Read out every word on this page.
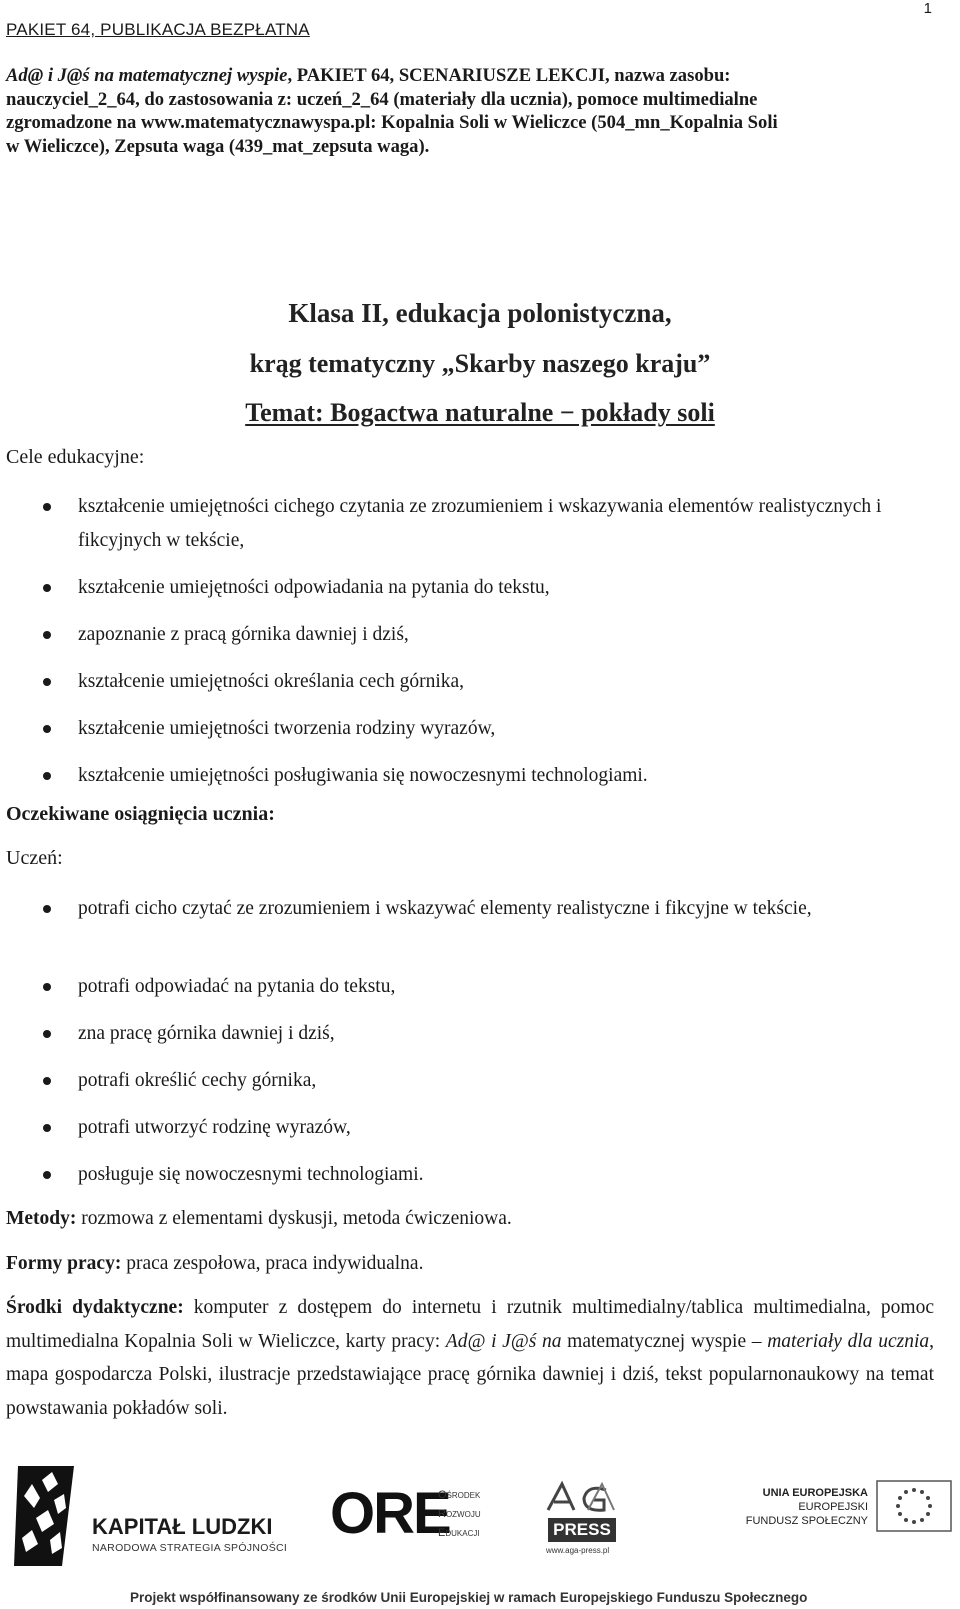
PAKIET 64, PUBLIKACJA BEZPŁATNA
1
Ad@ i J@ś na matematycznej wyspie, PAKIET 64, SCENARIUSZE LEKCJI, nazwa zasobu:
nauczyciel_2_64, do zastosowania z: uczeń_2_64 (materiały dla ucznia), pomoce multimedialne
zgromadzone na www.matematycznawyspa.pl: Kopalnia Soli w Wieliczce (504_mn_Kopalnia Soli
w Wieliczce), Zepsuta waga (439_mat_zepsuta waga).
Klasa II, edukacja polonistyczna,
krąg tematyczny „Skarby naszego kraju”
Temat: Bogactwa naturalne − pokłady soli
Cele edukacyjne:
kształcenie umiejętności cichego czytania ze zrozumieniem i wskazywania elementów realistycznych i fikcyjnych w tekście,
kształcenie umiejętności odpowiadania na pytania do tekstu,
zapoznanie z pracą górnika dawniej i dziś,
kształcenie umiejętności określania cech górnika,
kształcenie umiejętności tworzenia rodziny wyrazów,
kształcenie umiejętności posługiwania się nowoczesnymi technologiami.
Oczekiwane osiągnięcia ucznia:
Uczeń:
potrafi cicho czytać ze zrozumieniem i wskazywać elementy realistyczne i fikcyjne w tekście,
potrafi odpowiadać na pytania do tekstu,
zna pracę górnika dawniej i dziś,
potrafi określić cechy górnika,
potrafi utworzyć rodzinę wyrazów,
posługuje się nowoczesnymi technologiami.
Metody: rozmowa z elementami dyskusji, metoda ćwiczeniowa.
Formy pracy: praca zespołowa, praca indywidualna.
Środki dydaktyczne: komputer z dostępem do internetu i rzutnik multimedialny/tablica multimedialna, pomoc multimedialna Kopalnia Soli w Wieliczce, karty pracy: Ad@ i J@ś na matematycznej wyspie – materiały dla ucznia, mapa gospodarcza Polski, ilustracje przedstawiające pracę górnika dawniej i dziś, tekst popularnonaukowy na temat powstawania pokładów soli.
KAPITAŁ LUDZKI
NARODOWA STRATEGIA SPÓJNOŚCI
ORE
Ośrodek
Rozwoju
Edukacji	PRESS
www.aga-press.pl
UNIA EUROPEJSKA
EUROPEJSKI
FUNDUSZ SPOŁECZNY
Projekt współfinansowany ze środków Unii Europejskiej w ramach Europejskiego Funduszu Społecznego
